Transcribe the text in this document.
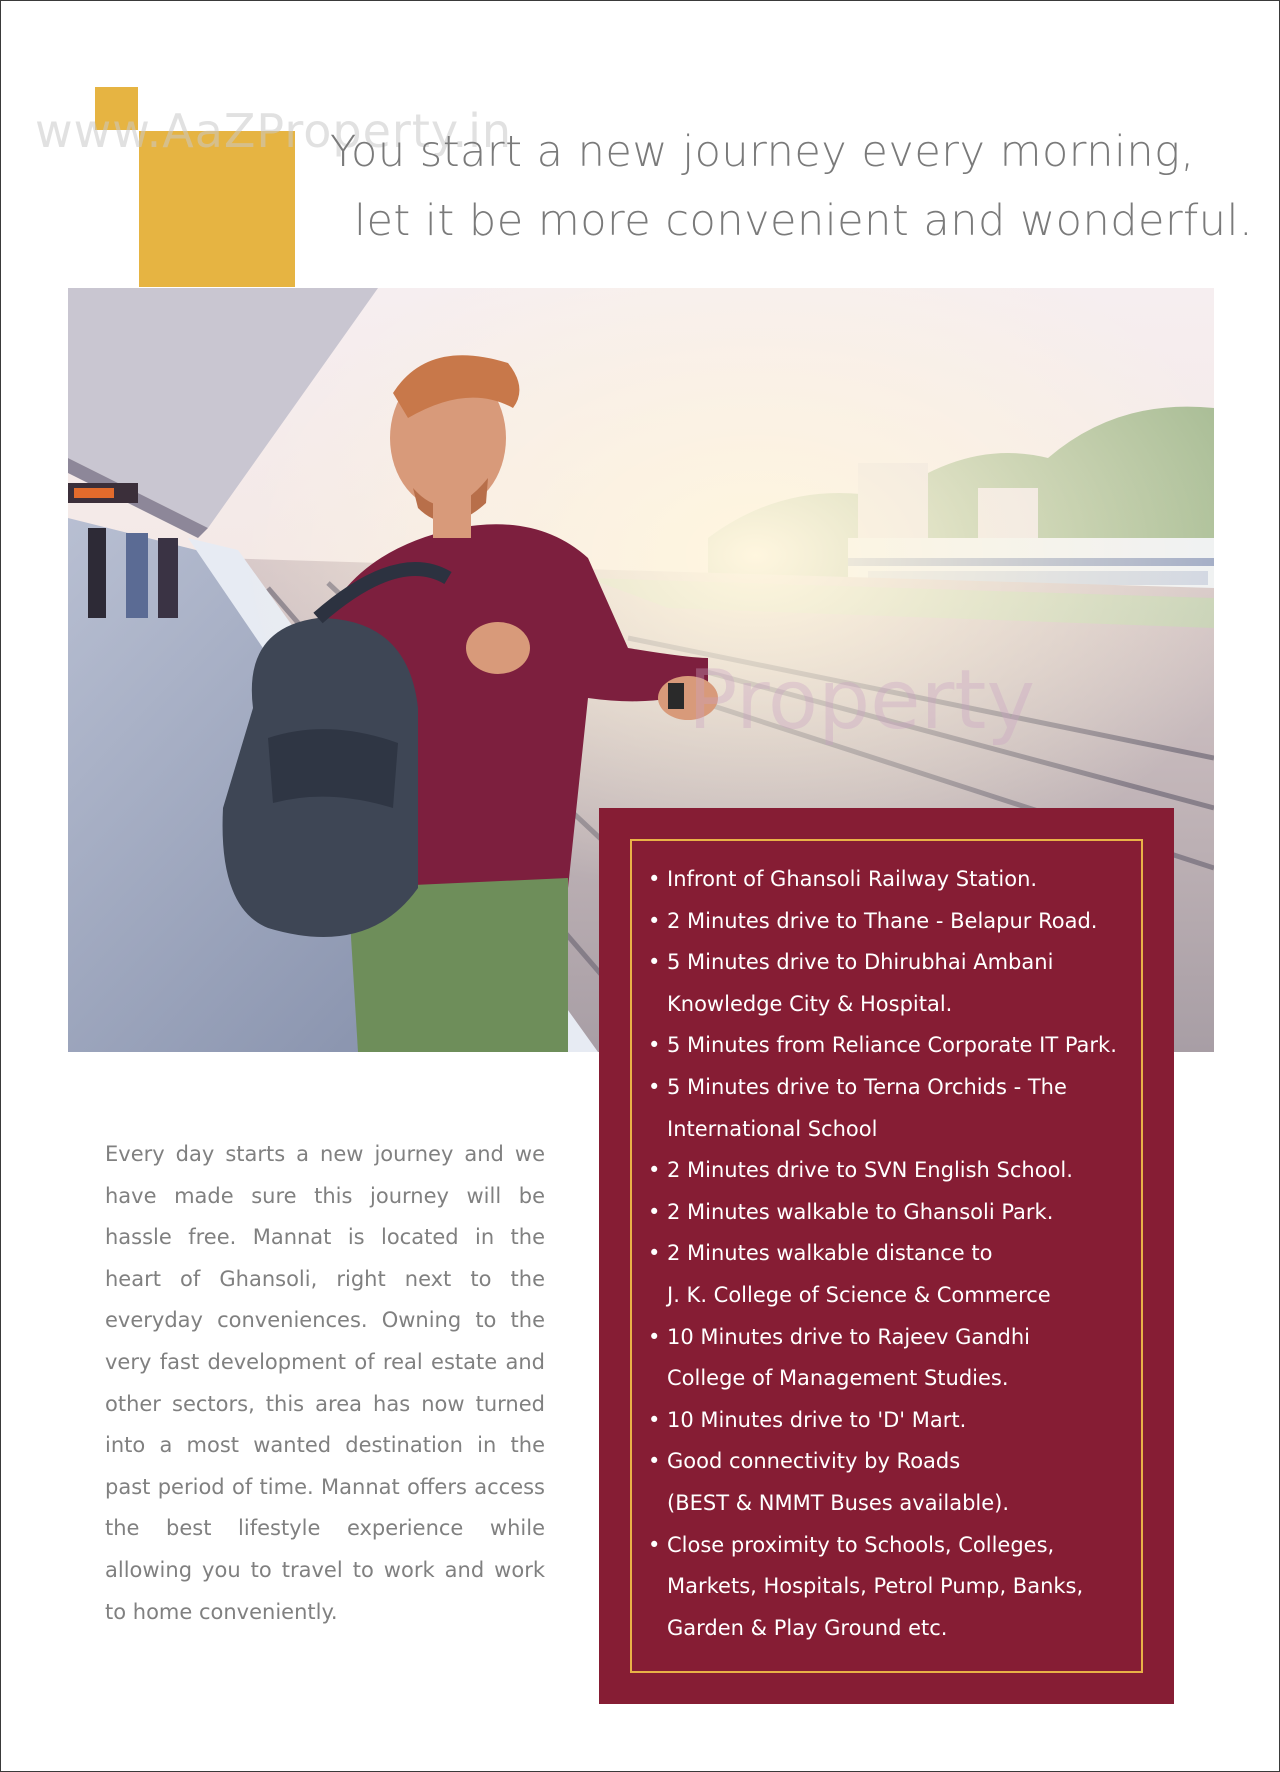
www.AaZProperty.in
You start a new journey every morning,
let it be more convenient and wonderful.
Property
Every day starts a new journey and we have made sure this journey will be hassle free. Mannat is located in the heart of Ghansoli, right next to the everyday conveniences. Owning to the very fast development of real estate and other sectors, this area has now turned into a most wanted destination in the past period of time. Mannat offers access the best lifestyle experience while allowing you to travel to work and work to home conveniently.
• Infront of Ghansoli Railway Station.
• 2 Minutes drive to Thane - Belapur Road.
• 5 Minutes drive to Dhirubhai Ambani
Knowledge City & Hospital.
• 5 Minutes from Reliance Corporate IT Park.
• 5 Minutes drive to Terna Orchids - The
International School
• 2 Minutes drive to SVN English School.
• 2 Minutes walkable to Ghansoli Park.
• 2 Minutes walkable distance to
J. K. College of Science & Commerce
• 10 Minutes drive to Rajeev Gandhi
College of Management Studies.
• 10 Minutes drive to 'D' Mart.
• Good connectivity by Roads
(BEST & NMMT Buses available).
• Close proximity to Schools, Colleges,
Markets, Hospitals, Petrol Pump, Banks,
Garden & Play Ground etc.
